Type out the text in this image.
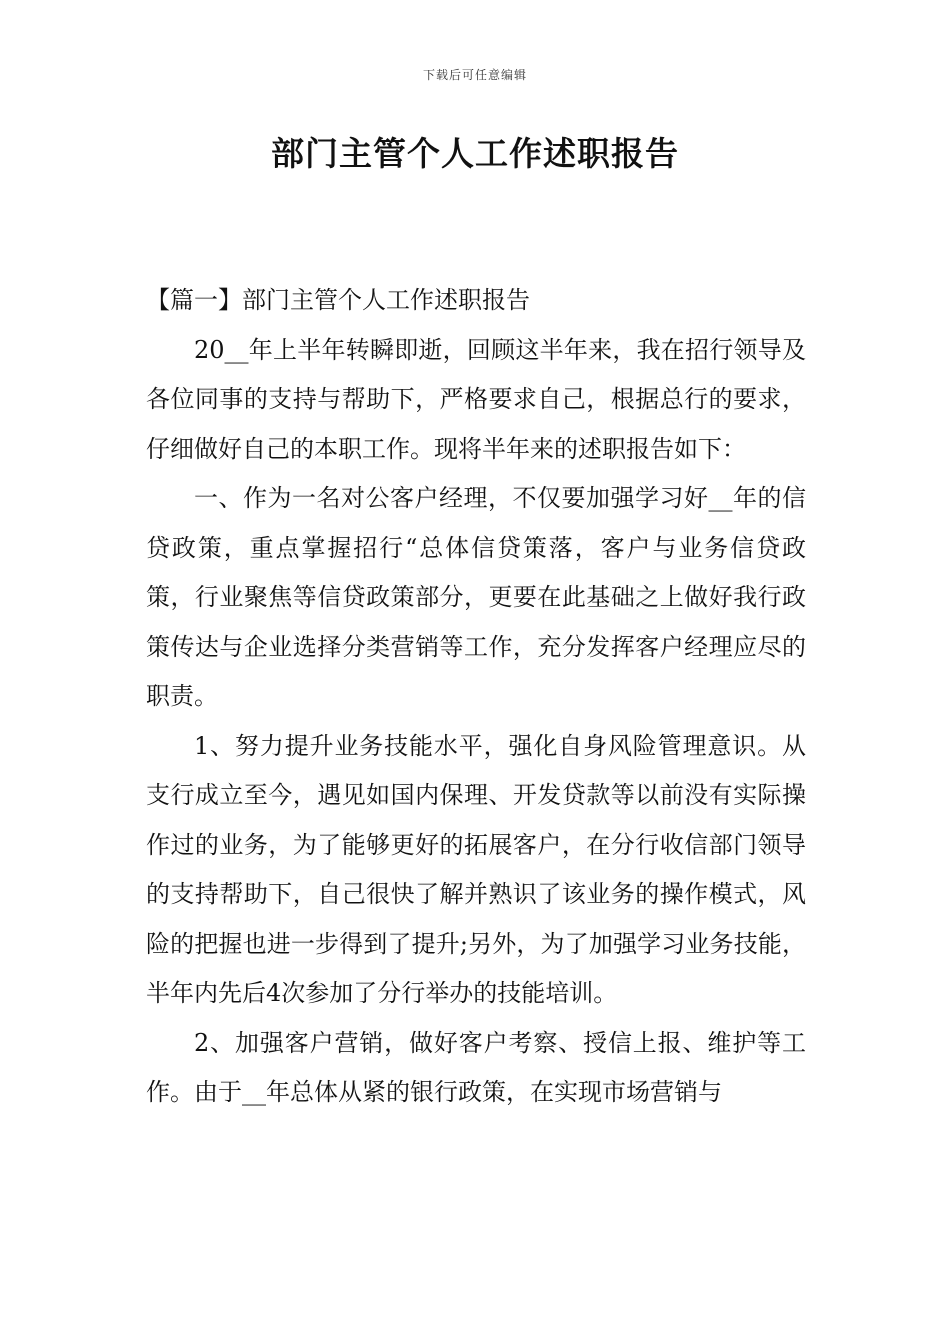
下载后可任意编辑
部门主管个人工作述职报告

【篇一】部门主管个人工作述职报告

20__年上半年转瞬即逝，回顾这半年来，我在招行领导及各位同事的支持与帮助下，严格要求自己，根据总行的要求，仔细做好自己的本职工作。现将半年来的述职报告如下：

一、作为一名对公客户经理，不仅要加强学习好__年的信贷政策，重点掌握招行“总体信贷策落，客户与业务信贷政策，行业聚焦等信贷政策部分，更要在此基础之上做好我行政策传达与企业选择分类营销等工作，充分发挥客户经理应尽的职责。

1、努力提升业务技能水平，强化自身风险管理意识。从支行成立至今，遇见如国内保理、开发贷款等以前没有实际操作过的业务，为了能够更好的拓展客户，在分行收信部门领导的支持帮助下，自己很快了解并熟识了该业务的操作模式，风险的把握也进一步得到了提升;另外，为了加强学习业务技能，半年内先后4次参加了分行举办的技能培训。

2、加强客户营销，做好客户考察、授信上报、维护等工作。由于__年总体从紧的银行政策，在实现市场营销与
